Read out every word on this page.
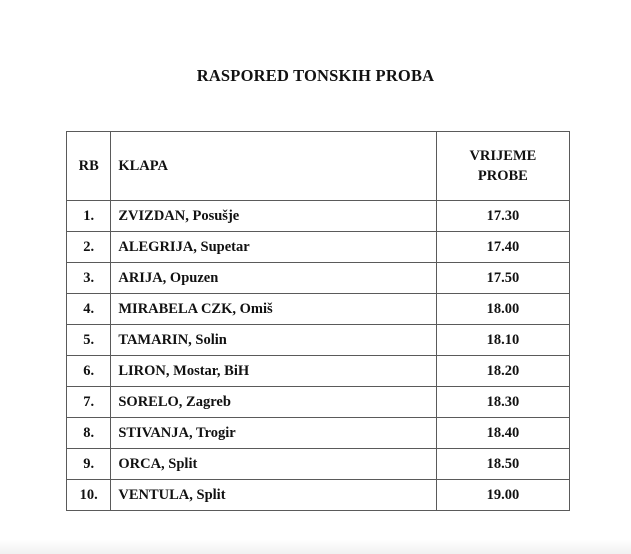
RASPORED TONSKIH PROBA
RB	KLAPA	VRIJEME
PROBE

1.	ZVIZDAN, Posušje	17.30
2.	ALEGRIJA, Supetar	17.40
3.	ARIJA, Opuzen	17.50
4.	MIRABELA CZK, Omiš	18.00
5.	TAMARIN, Solin	18.10
6.	LIRON, Mostar, BiH	18.20
7.	SORELO, Zagreb	18.30
8.	STIVANJA, Trogir	18.40
9.	ORCA, Split	18.50
10.	VENTULA, Split	19.00
